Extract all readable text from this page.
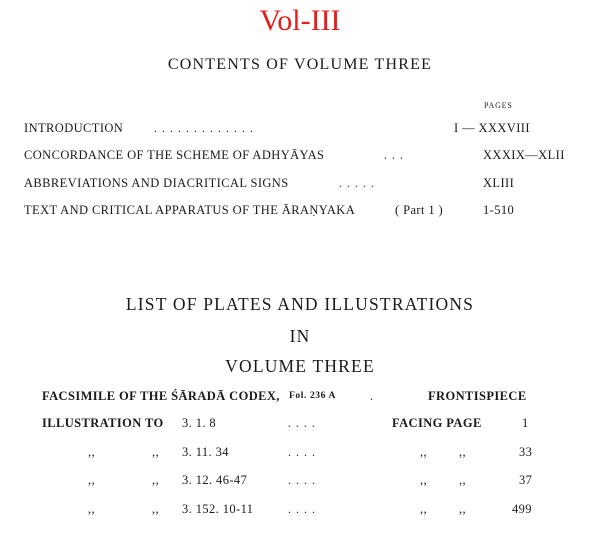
Vol-III
CONTENTS OF VOLUME THREE
PAGES
INTRODUCTION	. . . . . . . . . . . . .	I — XXXVIII
CONCORDANCE OF THE SCHEME OF ADHYĀYAS	. . .	XXXIX—XLII
ABBREVIATIONS AND DIACRITICAL SIGNS	. . . . .	XLIII
TEXT AND CRITICAL APPARATUS OF THE ĀRAṆYAKA	( Part 1 )	1-510
LIST OF PLATES AND ILLUSTRATIONS
IN
VOLUME THREE
FACSIMILE OF THE ŚĀRADĀ CODEX, Fol. 236 A	.	FRONTISPIECE
ILLUSTRATION TO 3. 1. 8	. . . .	FACING PAGE	1
,,	,, 3. 11. 34	. . . .	,,	,,	33
,,	,, 3. 12. 46-47	. . . .	,,	,,	37
,,	,, 3. 152. 10-11	. . . .	,,	,,	499
